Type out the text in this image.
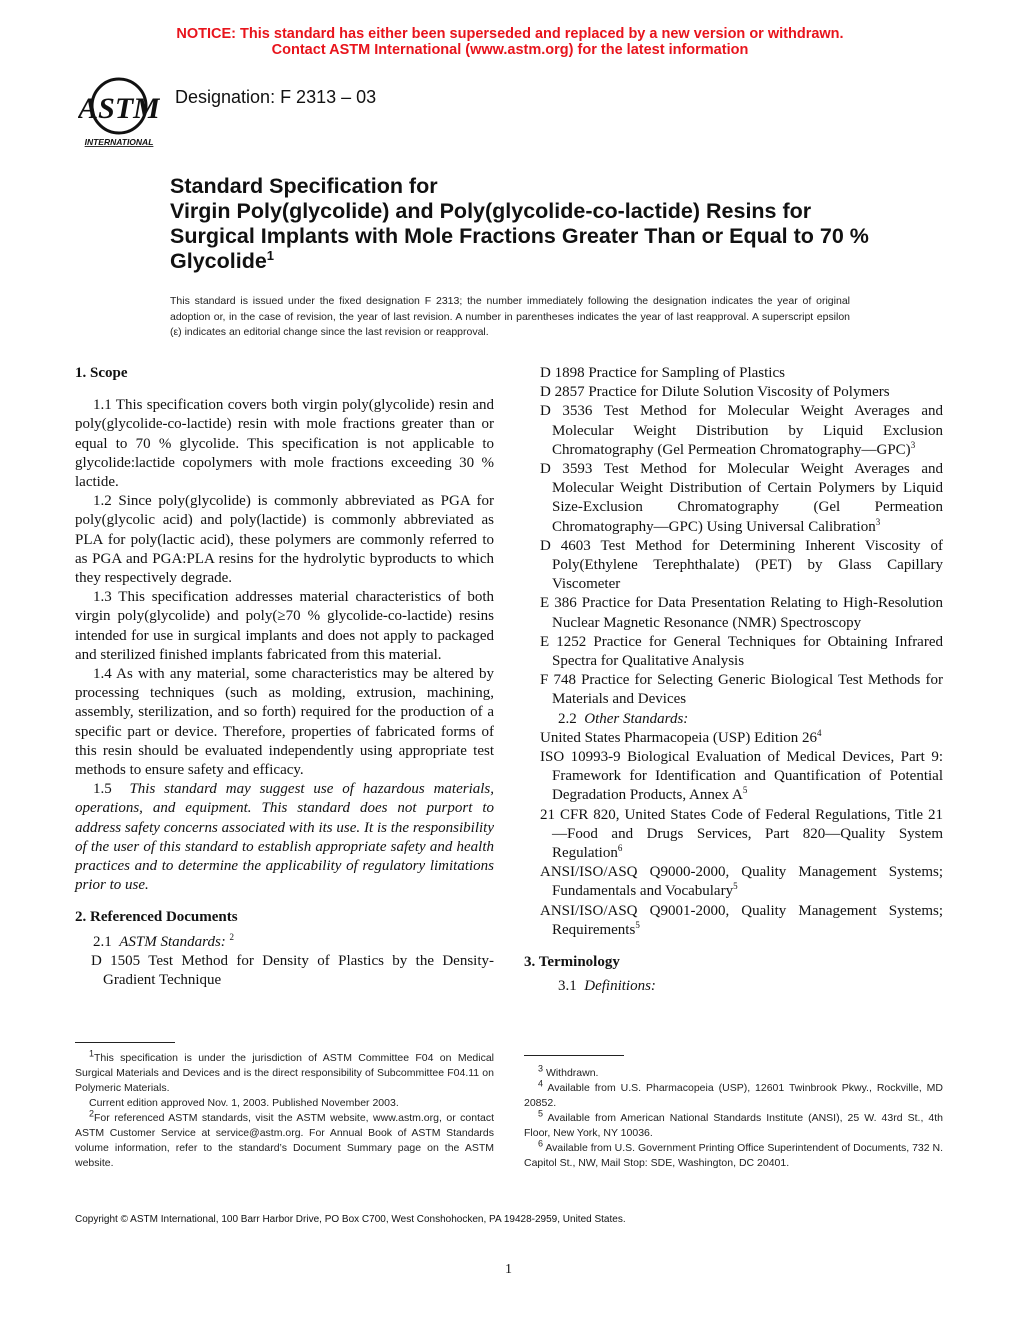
NOTICE: This standard has either been superseded and replaced by a new version or withdrawn.
Contact ASTM International (www.astm.org) for the latest information
ASTM
INTERNATIONAL
Designation: F 2313 – 03
Standard Specification for
Virgin Poly(glycolide) and Poly(glycolide-co-lactide) Resins for Surgical Implants with Mole Fractions Greater Than or Equal to 70 % Glycolide$^1$
This standard is issued under the fixed designation F 2313; the number immediately following the designation indicates the year of original adoption or, in the case of revision, the year of last revision. A number in parentheses indicates the year of last reapproval. A superscript epsilon (ε) indicates an editorial change since the last revision or reapproval.

1. Scope

1.1 This specification covers both virgin poly(glycolide) resin and poly(glycolide-co-lactide) resin with mole fractions greater than or equal to 70 % glycolide. This specification is not applicable to glycolide:lactide copolymers with mole fractions exceeding 30 % lactide.

1.2 Since poly(glycolide) is commonly abbreviated as PGA for poly(glycolic acid) and poly(lactide) is commonly abbreviated as PLA for poly(lactic acid), these polymers are commonly referred to as PGA and PGA:PLA resins for the hydrolytic byproducts to which they respectively degrade.

1.3 This specification addresses material characteristics of both virgin poly(glycolide) and poly(≥70 % glycolide-co-lactide) resins intended for use in surgical implants and does not apply to packaged and sterilized finished implants fabricated from this material.

1.4 As with any material, some characteristics may be altered by processing techniques (such as molding, extrusion, machining, assembly, sterilization, and so forth) required for the production of a specific part or device. Therefore, properties of fabricated forms of this resin should be evaluated independently using appropriate test methods to ensure safety and efficacy.

1.5 This standard may suggest use of hazardous materials, operations, and equipment. This standard does not purport to address safety concerns associated with its use. It is the responsibility of the user of this standard to establish appropriate safety and health practices and to determine the applicability of regulatory limitations prior to use.

2. Referenced Documents

2.1 ASTM Standards: $^2$

D 1505 Test Method for Density of Plastics by the Density-Gradient Technique

D 1898 Practice for Sampling of Plastics

D 2857 Practice for Dilute Solution Viscosity of Polymers

D 3536 Test Method for Molecular Weight Averages and Molecular Weight Distribution by Liquid Exclusion Chromatography (Gel Permeation Chromatography—GPC)$^3$

D 3593 Test Method for Molecular Weight Averages and Molecular Weight Distribution of Certain Polymers by Liquid Size-Exclusion Chromatography (Gel Permeation Chromatography—GPC) Using Universal Calibration$^3$

D 4603 Test Method for Determining Inherent Viscosity of Poly(Ethylene Terephthalate) (PET) by Glass Capillary Viscometer

E 386 Practice for Data Presentation Relating to High-Resolution Nuclear Magnetic Resonance (NMR) Spectroscopy

E 1252 Practice for General Techniques for Obtaining Infrared Spectra for Qualitative Analysis

F 748 Practice for Selecting Generic Biological Test Methods for Materials and Devices

2.2 Other Standards:

United States Pharmacopeia (USP) Edition $26^4$

ISO 10993-9 Biological Evaluation of Medical Devices, Part 9: Framework for Identification and Quantification of Potential Degradation Products, Annex $A^5$

21 CFR 820, United States Code of Federal Regulations, Title 21—Food and Drugs Services, Part 820—Quality System Regulation$^6$

ANSI/ISO/ASQ Q9000-2000, Quality Management Systems; Fundamentals and Vocabulary$^5$

ANSI/ISO/ASQ Q9001-2000, Quality Management Systems; Requirements$^5$

3. Terminology

3.1 Definitions:

$^1$This specification is under the jurisdiction of ASTM Committee F04 on Medical Surgical Materials and Devices and is the direct responsibility of Subcommittee F04.11 on Polymeric Materials.

Current edition approved Nov. 1, 2003. Published November 2003.

$^2$For referenced ASTM standards, visit the ASTM website, www.astm.org, or contact ASTM Customer Service at service@astm.org. For Annual Book of ASTM Standards volume information, refer to the standard’s Document Summary page on the ASTM website.

$^3$ Withdrawn.

$^4$ Available from U.S. Pharmacopeia (USP), 12601 Twinbrook Pkwy., Rockville, MD 20852.

$^5$ Available from American National Standards Institute (ANSI), 25 W. 43rd St., 4th Floor, New York, NY 10036.

$^6$ Available from U.S. Government Printing Office Superintendent of Documents, 732 N. Capitol St., NW, Mail Stop: SDE, Washington, DC 20401.

Copyright © ASTM International, 100 Barr Harbor Drive, PO Box C700, West Conshohocken, PA 19428-2959, United States.
1
